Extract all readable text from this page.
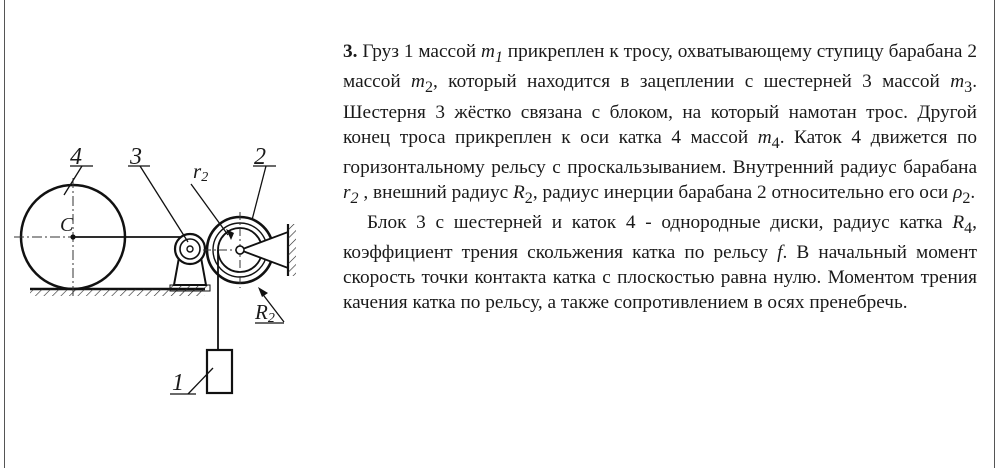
4
C
3
r2
2
R2
1

3. Груз 1 массой $m_1$ прикреплен к тросу, охватывающему ступицу барабана 2 массой $m_2$, который находится в зацеплении с шестерней 3 массой $m_3$. Шестерня 3 жёстко связана с блоком, на который намотан трос. Другой конец троса прикреплен к оси катка 4 массой $m_4$. Каток 4 движется по горизонтальному рельсу с проскальзыванием. Внутренний радиус барабана $r_2$ , внешний радиус $R_2$, радиус инерции барабана 2 относительно его оси $\rho_2$.

Блок 3 с шестерней и каток 4 - однородные диски, радиус катка $R_4$, коэффициент трения скольжения катка по рельсу f. В начальный момент скорость точки контакта катка с плоскостью равна нулю. Моментом трения качения катка по рельсу, а также сопротивлением в осях пренебречь.
